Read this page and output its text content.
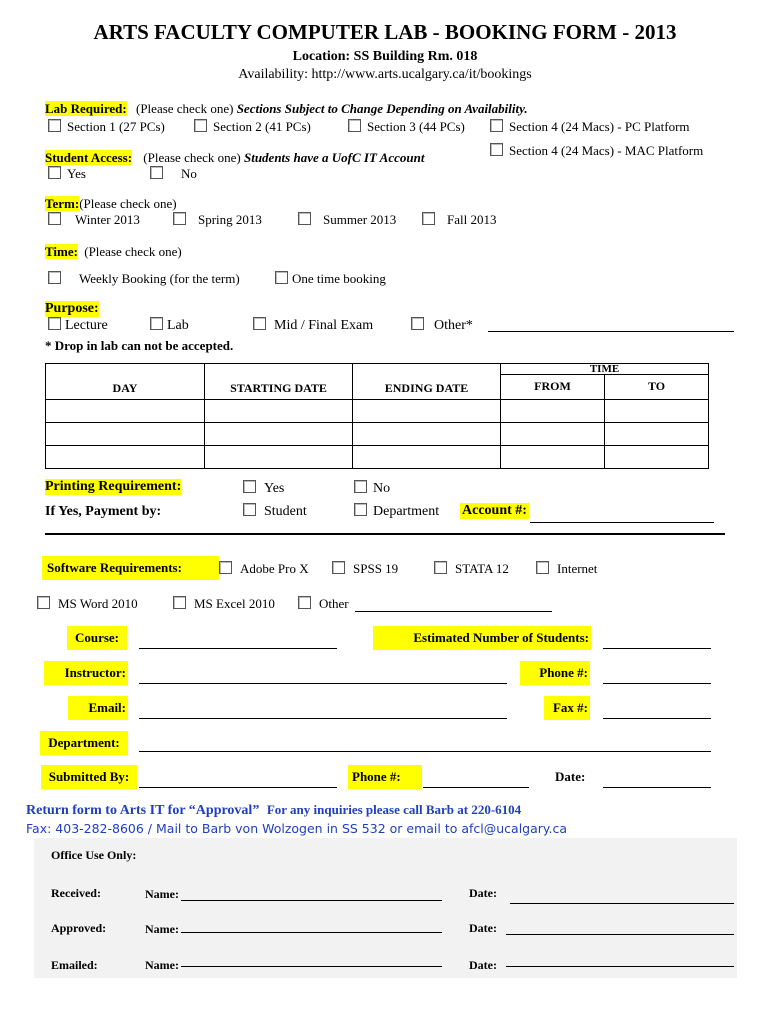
ARTS FACULTY COMPUTER LAB - BOOKING FORM - 2013
Location: SS Building Rm. 018
Availability: http://www.arts.ucalgary.ca/it/bookings
Lab Required: (Please check one) Sections Subject to Change Depending on Availability.
Section 1 (27 PCs)	Section 2 (41 PCs)	Section 3 (44 PCs)	Section 4 (24 Macs) - PC Platform
Section 4 (24 Macs) - MAC Platform
Student Access: (Please check one) Students have a UofC IT Account
Yes	No
Term:(Please check one)
Winter 2013	Spring 2013	Summer 2013	Fall 2013
Time: (Please check one)
Weekly Booking (for the term)	One time booking
Purpose:
Lecture	Lab	Mid / Final Exam	Other*
* Drop in lab can not be accepted.
DAY	STARTING DATE	ENDING DATE	TIME
FROM TO	

Printing Requirement:	Yes	No
If Yes, Payment by:	Student	Department Account #:
Software Requirements:	Adobe Pro X	SPSS 19	STATA 12	Internet
MS Word 2010	MS Excel 2010	Other
Course:	Estimated Number of Students:
Instructor:	Phone #:
Email:	Fax #:
Department:
Submitted By:	Phone #:	Date:
Return form to Arts IT for “Approval” For any inquiries please call Barb at 220-6104
Fax: 403-282-8606 / Mail to Barb von Wolzogen in SS 532 or email to afcl@ucalgary.ca
Office Use Only:
Received:	Name:	Date:
Approved:	Name:	Date:
Emailed:	Name:	Date:
